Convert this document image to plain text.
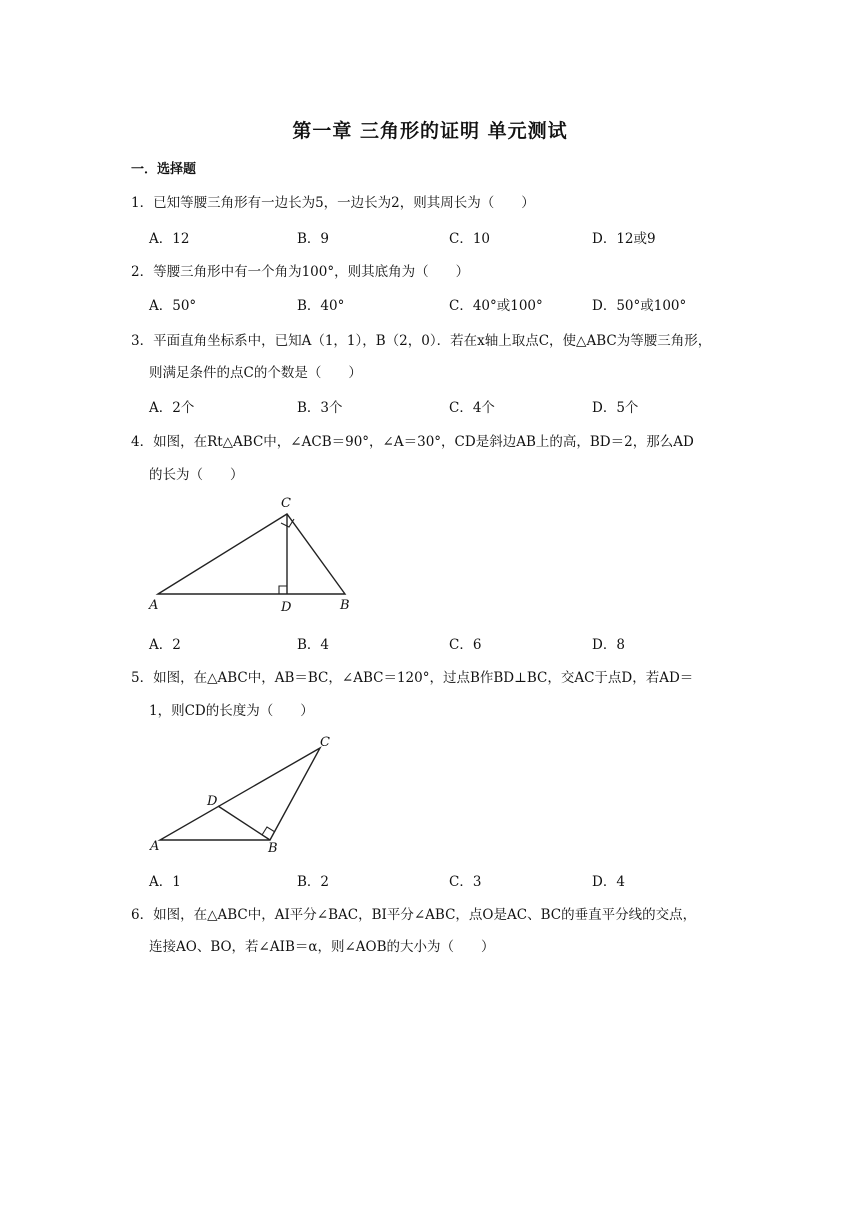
第一章 三角形的证明 单元测试
一．选择题
1．已知等腰三角形有一边长为5，一边长为2，则其周长为（　　）
A．12	B．9	C．10	D．12或9
2．等腰三角形中有一个角为100°，则其底角为（　　）
A．50°	B．40°	C．40°或100°	D．50°或100°
3．平面直角坐标系中，已知A（1，1），B（2，0）．若在x轴上取点C，使△ABC为等腰三角形，
则满足条件的点C的个数是（　　）
A．2个	B．3个	C．4个	D．5个
4．如图，在Rt△ABC中，∠ACB＝90°，∠A＝30°，CD是斜边AB上的高，BD＝2，那么AD
的长为（　　）
A	B
C
D
A．2	B．4	C．6	D．8
5．如图，在△ABC中，AB＝BC，∠ABC＝120°，过点B作BD⊥BC，交AC于点D，若AD＝
1，则CD的长度为（　　）
A	B
C
D
A．1	B．2	C．3	D．4
6．如图，在△ABC中，AI平分∠BAC，BI平分∠ABC，点O是AC、BC的垂直平分线的交点，
连接AO、BO，若∠AIB＝α，则∠AOB的大小为（　　）
